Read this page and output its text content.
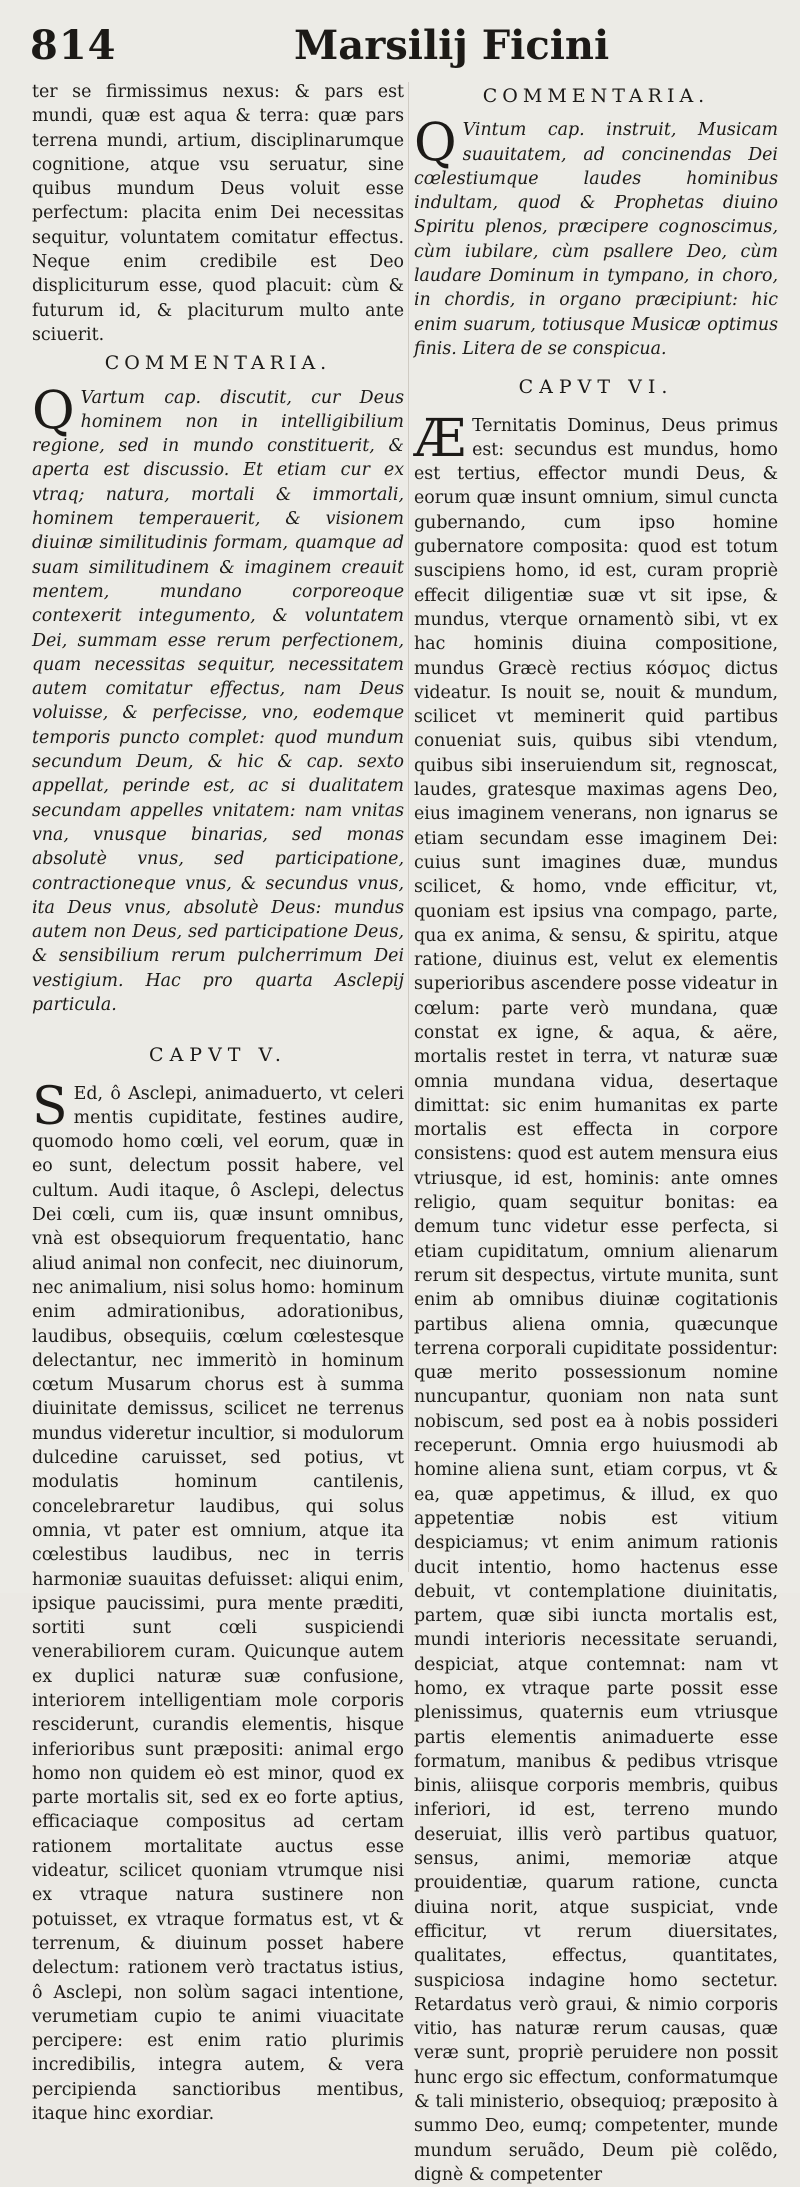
814	Marsilij Ficini

ter se firmissimus nexus: & pars est mundi, quæ est aqua & terra: quæ pars terrena mundi, artium, disciplinarumque cognitione, atque vsu seruatur, sine quibus mundum Deus voluit esse perfectum: placita enim Dei necessitas sequitur, voluntatem comitatur effectus. Neque enim credibile est Deo displiciturum esse, quod placuit: cùm & futurum id, & placiturum multo ante sciuerit.

COMMENTARIA.
Q Vartum cap. discutit, cur Deus hominem non in intelligibilium regione, sed in mundo constituerit, & aperta est discussio. Et etiam cur ex vtraq; natura, mortali & immortali, hominem temperauerit, & visionem diuinæ similitudinis formam, quamque ad suam similitudinem & imaginem creauit mentem, mundano corporeoque contexerit integumento, & voluntatem Dei, summam esse rerum perfectionem, quam necessitas sequitur, necessitatem autem comitatur effectus, nam Deus voluisse, & perfecisse, vno, eodemque temporis puncto complet: quod mundum secundum Deum, & hic & cap. sexto appellat, perinde est, ac si dualitatem secundam appelles vnitatem: nam vnitas vna, vnusque binarias, sed monas absolutè vnus, sed participatione, contractioneque vnus, & secundus vnus, ita Deus vnus, absolutè Deus: mundus autem non Deus, sed participatione Deus, & sensibilium rerum pulcherrimum Dei vestigium. Hac pro quarta Asclepij particula.

CAPVT V.
S Ed, ô Asclepi, animaduerto, vt celeri mentis cupiditate, festines audire, quomodo homo cœli, vel eorum, quæ in eo sunt, delectum possit habere, vel cultum. Audi itaque, ô Asclepi, delectus Dei cœli, cum iis, quæ insunt omnibus, vnà est obsequiorum frequentatio, hanc aliud animal non confecit, nec diuinorum, nec animalium, nisi solus homo: hominum enim admirationibus, adorationibus, laudibus, obsequiis, cœlum cœlestesque delectantur, nec immeritò in hominum cœtum Musarum chorus est à summa diuinitate demissus, scilicet ne terrenus mundus videretur incultior, si modulorum dulcedine caruisset, sed potius, vt modulatis hominum cantilenis, concelebraretur laudibus, qui solus omnia, vt pater est omnium, atque ita cœlestibus laudibus, nec in terris harmoniæ suauitas defuisset: aliqui enim, ipsique paucissimi, pura mente præditi, sortiti sunt cœli suspiciendi venerabiliorem curam. Quicunque autem ex duplici naturæ suæ confusione, interiorem intelligentiam mole corporis resciderunt, curandis elementis, hisque inferioribus sunt præpositi: animal ergo homo non quidem eò est minor, quod ex parte mortalis sit, sed ex eo forte aptius, efficaciaque compositus ad certam rationem mortalitate auctus esse videatur, scilicet quoniam vtrumque nisi ex vtraque natura sustinere non potuisset, ex vtraque formatus est, vt & terrenum, & diuinum posset habere delectum: rationem verò tractatus istius, ô Asclepi, non solùm sagaci intentione, verumetiam cupio te animi viuacitate percipere: est enim ratio plurimis incredibilis, integra autem, & vera percipienda sanctioribus mentibus, itaque hinc exordiar.

COMMENTARIA.
Q Vintum cap. instruit, Musicam suauitatem, ad concinendas Dei cœlestiumque laudes hominibus indultam, quod & Prophetas diuino Spiritu plenos, præcipere cognoscimus, cùm iubilare, cùm psallere Deo, cùm laudare Dominum in tympano, in choro, in chordis, in organo præcipiunt: hic enim suarum, totiusque Musicæ optimus finis. Litera de se conspicua.

CAPVT VI.
Æ Ternitatis Dominus, Deus primus est: secundus est mundus, homo est tertius, effector mundi Deus, & eorum quæ insunt omnium, simul cuncta gubernando, cum ipso homine gubernatore composita: quod est totum suscipiens homo, id est, curam propriè effecit diligentiæ suæ vt sit ipse, & mundus, vterque ornamentò sibi, vt ex hac hominis diuina compositione, mundus Græcè rectius κόσμος dictus videatur. Is nouit se, nouit & mundum, scilicet vt meminerit quid partibus conueniat suis, quibus sibi vtendum, quibus sibi inseruiendum sit, regnoscat, laudes, gratesque maximas agens Deo, eius imaginem venerans, non ignarus se etiam secundam esse imaginem Dei: cuius sunt imagines duæ, mundus scilicet, & homo, vnde efficitur, vt, quoniam est ipsius vna compago, parte, qua ex anima, & sensu, & spiritu, atque ratione, diuinus est, velut ex elementis superioribus ascendere posse videatur in cœlum: parte verò mundana, quæ constat ex igne, & aqua, & aëre, mortalis restet in terra, vt naturæ suæ omnia mundana vidua, desertaque dimittat: sic enim humanitas ex parte mortalis est effecta in corpore consistens: quod est autem mensura eius vtriusque, id est, hominis: ante omnes religio, quam sequitur bonitas: ea demum tunc videtur esse perfecta, si etiam cupiditatum, omnium alienarum rerum sit despectus, virtute munita, sunt enim ab omnibus diuinæ cogitationis partibus aliena omnia, quæcunque terrena corporali cupiditate possidentur: quæ merito possessionum nomine nuncupantur, quoniam non nata sunt nobiscum, sed post ea à nobis possideri receperunt. Omnia ergo huiusmodi ab homine aliena sunt, etiam corpus, vt & ea, quæ appetimus, & illud, ex quo appetentiæ nobis est vitium despiciamus; vt enim animum rationis ducit intentio, homo hactenus esse debuit, vt contemplatione diuinitatis, partem, quæ sibi iuncta mortalis est, mundi interioris necessitate seruandi, despiciat, atque contemnat: nam vt homo, ex vtraque parte possit esse plenissimus, quaternis eum vtriusque partis elementis animaduerte esse formatum, manibus & pedibus vtrisque binis, aliisque corporis membris, quibus inferiori, id est, terreno mundo deseruiat, illis verò partibus quatuor, sensus, animi, memoriæ atque prouidentiæ, quarum ratione, cuncta diuina norit, atque suspiciat, vnde efficitur, vt rerum diuersitates, qualitates, effectus, quantitates, suspiciosa indagine homo sectetur. Retardatus verò graui, & nimio corporis vitio, has naturæ rerum causas, quæ veræ sunt, propriè peruidere non possit hunc ergo sic effectum, conformatumque & tali ministerio, obsequioq; præposito à summo Deo, eumq; competenter, munde mundum seruãdo, Deum piè colẽdo, dignè & competenter
